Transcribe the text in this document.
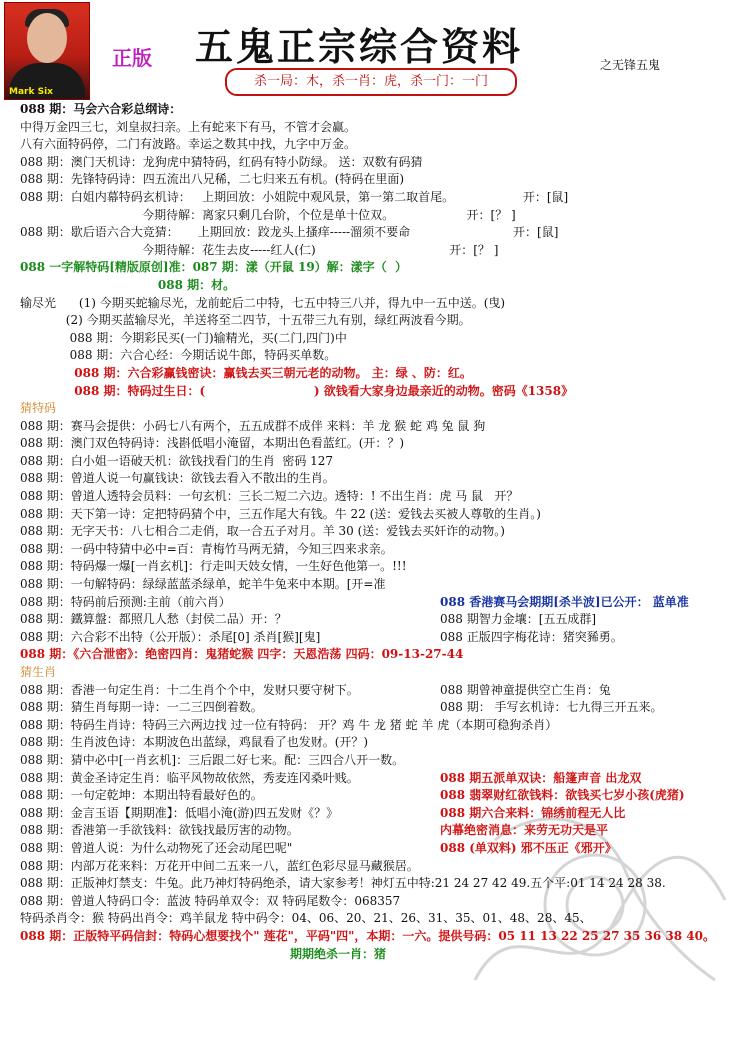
Mark Six
正版 五鬼正宗综合资料	之无锋五鬼
杀一局：木，杀一肖：虎，杀一门：一门
088 期：马会六合彩总纲诗：
中得万金四三七，刘皇叔扫亲。上有蛇来下有马，不管才会赢。
八有六面特码停，二门有波路。幸运之数其中找，九字中万金。
088 期：澳门天机诗：龙狗虎中猜特码，红码有特小防绿。 送：双数有码猜
088 期：先锋特码诗：四五流出八兄稀，二七归来五有机。(特码在里面)
088 期：白姐内幕特码玄机诗：   上期回放：小姐院中观风景，第一第二取首尾。                  开：[鼠]
今期待解：离家只剩几台阶，个位是单十位双。                   开：[？ ]
088 期：歇后语六合大竞猜：     上期回放：跤龙头上搔痒-----溜须不要命                           开：[鼠]
今期待解：花生去皮-----红人(仁)                                   开：[？ ]
088 一字解特码[精版原创]准：087 期：漾（开鼠 19）解：漾字（  ）
088 期：材。
输尽光      (1) 今期买蛇输尽光，龙前蛇后二中特，七五中特三八并，得九中一五中送。(曳)
(2) 今期买蓝输尽光，羊送将至二四节，十五带三九有别，绿红两波看今期。
088 期：今期彩民买(一门)输精光，买(二门,四门)中
088 期：六合心经：今期话说牛郎，特码买单数。
088 期：六合彩赢钱密诀：赢钱去买三朝元老的动物。 主：绿 、防：红。
088 期：特码过生日：(                          ) 欲钱看大家身边最亲近的动物。密码《1358》
猜特码
088 期：赛马会提供：小码七八有两个，五五成群不成伴 来料：羊 龙 猴 蛇 鸡 兔 鼠 狗
088 期：澳门双色特码诗：浅斟低唱小淹留，本期出色看蓝红。(开：？)
088 期：白小姐一语破天机：欲钱找看门的生肖  密码 127
088 期：曾道人说一句赢钱诀：欲钱去看入不散出的生肖。
088 期：曾道人透特会员料：一句玄机：三长二短二六边。透特：! 不出生肖：虎 马 鼠   开？
088 期：天下第一诗：定把特码猜个中，三五作尾大有钱。牛 22 (送：爱钱去买被人尊敬的生肖。)
088 期：无字天书：八七相合二走俏，取一合五子对月。羊 30 (送：爱钱去买奸诈的动物。)
088 期：一码中特猜中必中=百：青梅竹马两无猜，今知三四来求亲。
088 期：特码爆一爆[一肖玄机]：行走叫天妓女情，一生好色他第一。!!!
088 期：一句解特码：绿绿蓝蓝杀绿单，蛇羊牛兔来中本期。[开=准
088 期：特码前后预测:主前（前六肖）	088 香港赛马会期期[杀半波]已公开： 蓝单准
088 期：鐵算盤：都照几人愁（封侯二品）开：？	088 期智力金壤：[五五成群]
088 期：六合彩不出特（公开版）：杀尾[0] 杀肖[猴][鬼]	088 正版四字梅花诗：猪突豨勇。
088 期：《六合泄密》：绝密四肖：鬼猪蛇猴 四字：天恩浩荡 四码：09-13-27-44
猜生肖
088 期：香港一句定生肖：十二生肖个个中，发财只要守树下。	088 期曾神童提供空亡生肖：兔
088 期：猜生肖每期一诗：一二三四倒着数。	088 期： 手写玄机诗：七九得三开五来。
088 期：特码生肖诗：特码三六两边找 过一位有特码： 开？鸡 牛 龙 猪 蛇 羊 虎（本期可稳狗杀肖）
088 期：生肖波色诗：本期波色出蓝绿，鸡鼠看了也发财。(开？)
088 期：猜中必中[一肖玄机]：三后跟二好七来。配：三四合八开一数。
088 期：黄金圣诗定生肖：临平风物故依然，秀麦连冈桑叶贱。	088 期五派单双诀：船篷声音 出龙双
088 期：一句定乾坤：本期出特看最好色的。	088 翡翠财红欲钱料：欲钱买七岁小孩(虎猪)
088 期：金言玉语【期期准】：低唱小淹(游)四五发财《？》	088 期六合来料：锦绣前程无人比
088 期：香港第一手欲钱料：欲钱找最厉害的动物。	内幕绝密消息：来劳无功天是平
088 期：曾道人说：为什么动物死了还会动尾巴呢"	088 (单双料) 邪不压正《邪开》
088 期：内部万花来料：万花开中间二五来一八，蓝红色彩尽显马藏猴居。
088 期：正版神灯禁支：牛兔。此乃神灯特码绝杀，请大家参考！神灯五中特:21 24 27 42 49.五个平:01 14 24 28 38.
088 期：曾道人特码口令：蓝波 特码单双令：双 特码尾数令：068357
特码杀肖令：猴 特码出肖令：鸡羊鼠龙 特中码令：04、06、20、21、26、31、35、01、48、28、45、
088 期：正版特平码信封：特码心想要找个" 莲花"，平码"四"，本期：一六。提供号码：05 11 13 22 25 27 35 36 38 40。
期期绝杀一肖：猪
